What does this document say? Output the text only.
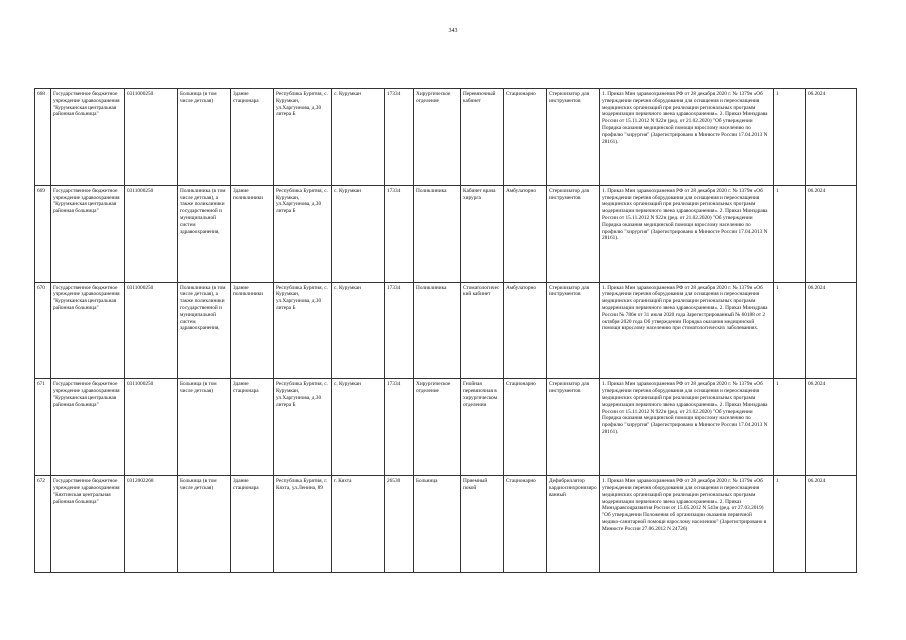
343
668	Государственное бюджетное учреждение здравоохранения "Курумканская центральная районная больница"	0311000250	Больница (в том числе детская)	Здание стационара	Республика Бурятия, с. Курумкан, ул.Харгуинова, д.30 литера Б	с. Курумкан	17334	Хирургическое отделение	Перевязочный кабинет	Стационарно	Стерилизатор для инструментов	1. Приказ Мин здравоохранения РФ от 28 декабря 2020 г. № 1379н «Об утверждении перечня оборудования для оснащения и переоснащения медицинских организаций при реализации региональных программ модернизации первичного звена здравоохранения». 2. Приказ Минздрава России от 15.11.2012 N 922н (ред. от 21.02.2020) "Об утверждении Порядка оказания медицинской помощи взрослому населению по профилю "хирургия" (Зарегистрировано в Минюсте России 17.04.2013 N 28161).	1	06.2024
669	Государственное бюджетное учреждение здравоохранения "Курумканская центральная районная больница"	0311000250	Поликлиника (в том числе детская), а также поликлиники государственной и муниципальной систем здравоохранения,	Здание поликлиники	Республика Бурятия, с. Курумкан, ул.Харгуинова, д.30 литера Б	с. Курумкан	17334	Поликлиника	Кабинет врача хирурга	Амбулаторно	Стерилизатор для инструментов	1. Приказ Мин здравоохранения РФ от 28 декабря 2020 г. № 1379н «Об утверждении перечня оборудования для оснащения и переоснащения медицинских организаций при реализации региональных программ модернизации первичного звена здравоохранения». 2. Приказ Минздрава России от 15.11.2012 N 922н (ред. от 21.02.2020) "Об утверждении Порядка оказания медицинской помощи взрослому населению по профилю "хирургия" (Зарегистрировано в Минюсте России 17.04.2013 N 28161).	1	06.2024
670	Государственное бюджетное учреждение здравоохранения "Курумканская центральная районная больница"	0311000250	Поликлиника (в том числе детская), а также поликлиники государственной и муниципальной систем здравоохранения,	Здание поликлиники	Республика Бурятия, с. Курумкан, ул.Харгуинова, д.30 литера Б	с. Курумкан	17334	Поликлиника	Стоматологический кабинет	Амбулаторно	Стерилизатор для инструментов	1. Приказ Мин здравоохранения РФ от 28 декабря 2020 г. № 1379н «Об утверждении перечня оборудования для оснащения и переоснащения медицинских организаций при реализации региональных программ модернизации первичного звена здравоохранения». 2. Приказ Минздрава России № 786н от 31 июля 2020 года Зарегистрированный № 60188 от 2 октября 2020 года Об утверждении Порядка оказания медицинской помощи взрослому населению при стоматологических заболеваниях.	1	06.2024
671	Государственное бюджетное учреждение здравоохранения "Курумканская центральная районная больница"	0311000250	Больница (в том числе детская)	Здание стационара	Республика Бурятия, с. Курумкан, ул.Харгуинова, д.30 литера Б	с. Курумкан	17334	Хирургическое отделение	Гнойная перевязочная в хирургическом отделении	Стационарно	Стерилизатор для инструментов	1. Приказ Мин здравоохранения РФ от 28 декабря 2020 г. № 1379н «Об утверждении перечня оборудования для оснащения и переоснащения медицинских организаций при реализации региональных программ модернизации первичного звена здравоохранения». 2. Приказ Минздрава России от 15.11.2012 N 922н (ред. от 21.02.2020) "Об утверждении Порядка оказания медицинской помощи взрослому населению по профилю "хирургия" (Зарегистрировано в Минюсте России 17.04.2013 N 28161).	1	06.2024
672	Государственное бюджетное учреждение здравоохранения "Кяхтинская центральная районная больница"	0312002268	Больница (в том числе детская)	Здание стационара	Республика Бурятия, г. Кяхта, ул.Ленина, 89	г. Кяхта	26530	Больница	Приемный покой	Стационарно	Дефибриллятор кардиосинхронизированный	1. Приказ Мин здравоохранения РФ от 28 декабря 2020 г. № 1379н «Об утверждении перечня оборудования для оснащения и переоснащения медицинских организаций при реализации региональных программ модернизации первичного звена здравоохранения». 2. Приказ Минздравсоцразвития России от 15.05.2012 N 543н (ред. от 27.03.2019) "Об утверждении Положения об организации оказания первичной медико-санитарной помощи взрослому населению" (Зарегистрировано в Минюсте России 27.06.2012 N 24726)	1	06.2024
